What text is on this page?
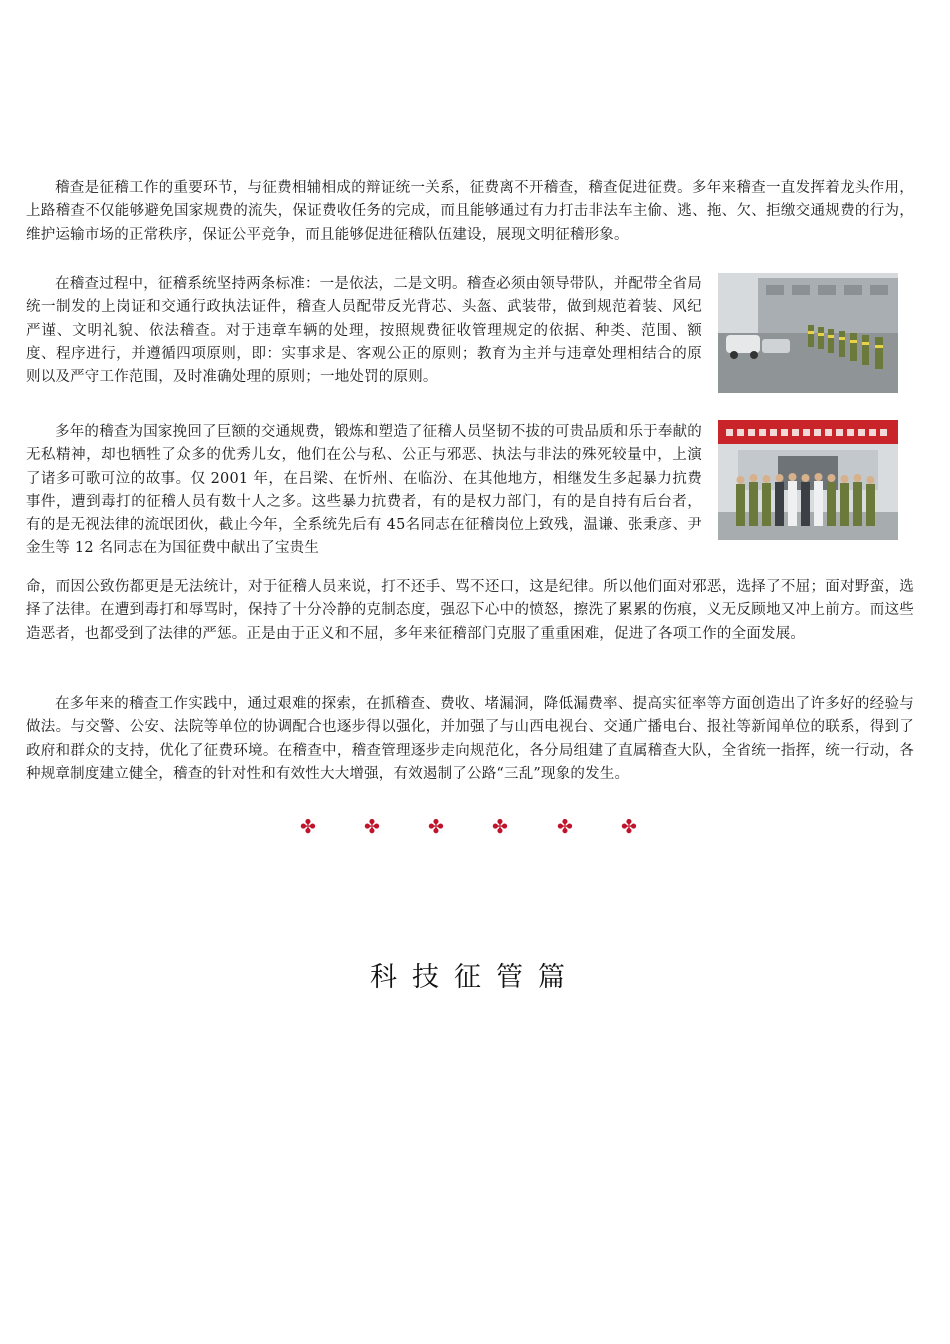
稽查是征稽工作的重要环节，与征费相辅相成的辩证统一关系，征费离不开稽查，稽查促进征费。多年来稽查一直发挥着龙头作用，上路稽查不仅能够避免国家规费的流失，保证费收任务的完成，而且能够通过有力打击非法车主偷、逃、拖、欠、拒缴交通规费的行为，维护运输市场的正常秩序，保证公平竞争，而且能够促进征稽队伍建设，展现文明征稽形象。

在稽查过程中，征稽系统坚持两条标准：一是依法，二是文明。稽查必须由领导带队，并配带全省局统一制发的上岗证和交通行政执法证件，稽查人员配带反光背芯、头盔、武装带，做到规范着装、风纪严谨、文明礼貌、依法稽查。对于违章车辆的处理，按照规费征收管理规定的依据、种类、范围、额度、程序进行，并遵循四项原则，即：实事求是、客观公正的原则；教育为主并与违章处理相结合的原则以及严守工作范围，及时准确处理的原则；一地处罚的原则。

多年的稽查为国家挽回了巨额的交通规费，锻炼和塑造了征稽人员坚韧不拔的可贵品质和乐于奉献的无私精神，却也牺牲了众多的优秀儿女，他们在公与私、公正与邪恶、执法与非法的殊死较量中，上演了诸多可歌可泣的故事。仅 2001 年，在吕梁、在忻州、在临汾、在其他地方，相继发生多起暴力抗费事件，遭到毒打的征稽人员有数十人之多。这些暴力抗费者，有的是权力部门，有的是自持有后台者，有的是无视法律的流氓团伙，截止今年，全系统先后有 45名同志在征稽岗位上致残，温谦、张秉彦、尹金生等 12 名同志在为国征费中献出了宝贵生

命，而因公致伤都更是无法统计，对于征稽人员来说，打不还手、骂不还口，这是纪律。所以他们面对邪恶，选择了不屈；面对野蛮，选择了法律。在遭到毒打和辱骂时，保持了十分冷静的克制态度，强忍下心中的愤怒，擦洗了累累的伤痕，义无反顾地又冲上前方。而这些造恶者，也都受到了法律的严惩。正是由于正义和不屈，多年来征稽部门克服了重重困难，促进了各项工作的全面发展。

在多年来的稽查工作实践中，通过艰难的探索，在抓稽查、费收、堵漏洞，降低漏费率、提高实征率等方面创造出了许多好的经验与做法。与交警、公安、法院等单位的协调配合也逐步得以强化，并加强了与山西电视台、交通广播电台、报社等新闻单位的联系，得到了政府和群众的支持，优化了征费环境。在稽查中，稽查管理逐步走向规范化，各分局组建了直属稽查大队，全省统一指挥，统一行动，各种规章制度建立健全，稽查的针对性和有效性大大增强，有效遏制了公路“三乱”现象的发生。

✤	✤	✤	✤	✤	✤
科技征管篇
